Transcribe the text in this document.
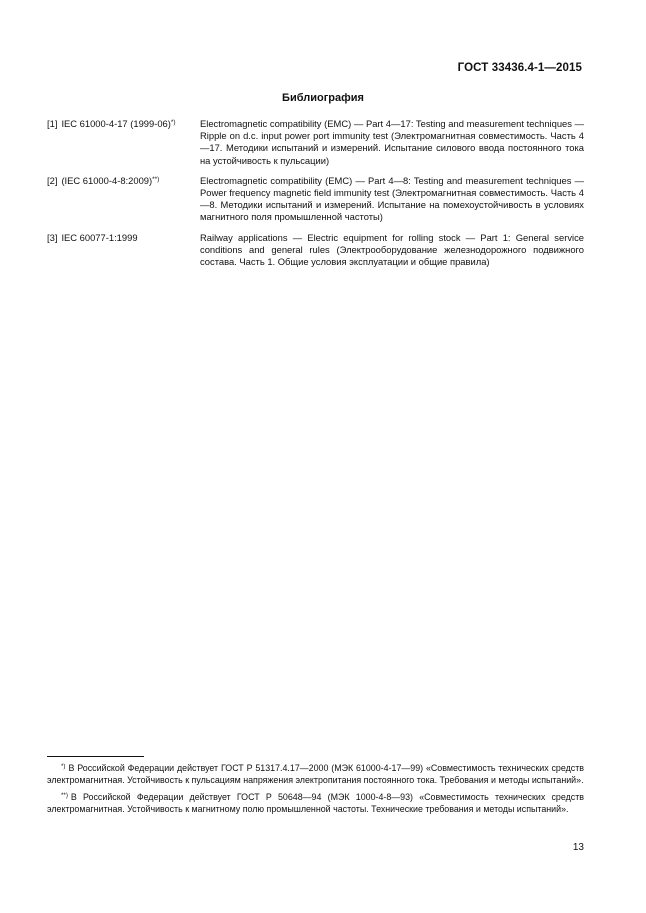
ГОСТ 33436.4-1—2015
Библиография
[1] IEC 61000-4-17 (1999-06)*)	Electromagnetic compatibility (EMC) — Part 4—17: Testing and measurement techniques — Ripple on d.c. input power port immunity test (Электромагнитная совместимость. Часть 4—17. Методики испытаний и измерений. Испытание силового ввода постоянного тока на устойчивость к пульсации)
[2] (IEC 61000-4-8:2009)**)	Electromagnetic compatibility (EMC) — Part 4—8: Testing and measurement techniques — Power frequency magnetic field immunity test (Электромагнитная совместимость. Часть 4—8. Методики испытаний и измерений. Испытание на помехоустойчивость в условиях магнитного поля промышленной частоты)
[3] IEC 60077-1:1999	Railway applications — Electric equipment for rolling stock — Part 1: General service conditions and general rules (Электрооборудование железнодорожного подвижного состава. Часть 1. Общие условия эксплуатации и общие правила)
*) В Российской Федерации действует ГОСТ Р 51317.4.17—2000 (МЭК 61000-4-17—99) «Совместимость технических средств электромагнитная. Устойчивость к пульсациям напряжения электропитания постоянного тока. Требования и методы испытаний».
**) В Российской Федерации действует ГОСТ Р 50648—94 (МЭК 1000-4-8—93) «Совместимость технических средств электромагнитная. Устойчивость к магнитному полю промышленной частоты. Технические требования и методы испытаний».
13
